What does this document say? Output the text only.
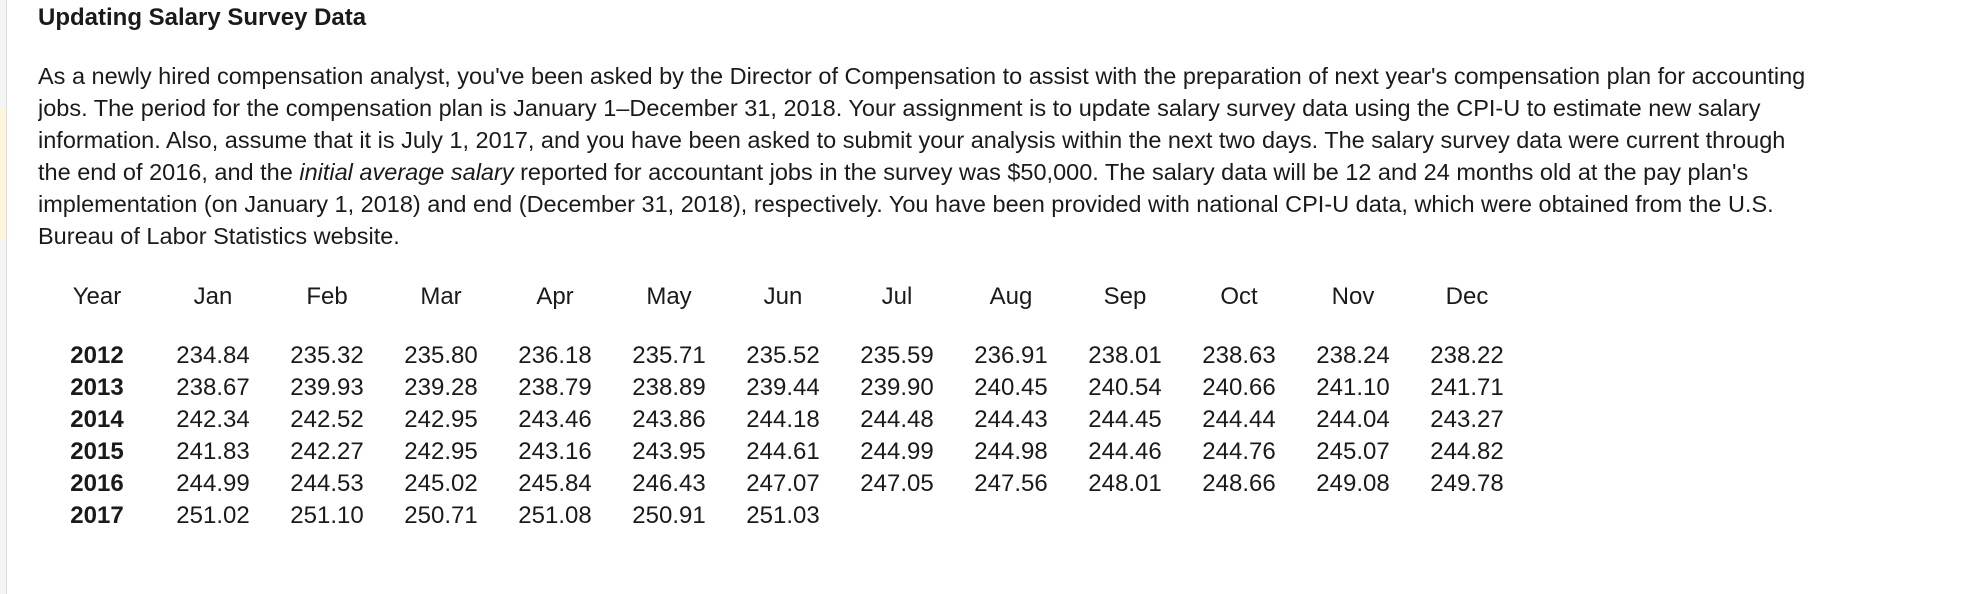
Updating Salary Survey Data
As a newly hired compensation analyst, you've been asked by the Director of Compensation to assist with the preparation of next year's compensation plan for accounting
jobs. The period for the compensation plan is January 1–December 31, 2018. Your assignment is to update salary survey data using the CPI-U to estimate new salary
information. Also, assume that it is July 1, 2017, and you have been asked to submit your analysis within the next two days. The salary survey data were current through
the end of 2016, and the initial average salary reported for accountant jobs in the survey was $50,000. The salary data will be 12 and 24 months old at the pay plan's
implementation (on January 1, 2018) and end (December 31, 2018), respectively. You have been provided with national CPI-U data, which were obtained from the U.S.
Bureau of Labor Statistics website.
Year	Jan	Feb	Mar	Apr	May	Jun	Jul	Aug	Sep	Oct	Nov	Dec

2012	234.84	235.32	235.80	236.18	235.71	235.52	235.59	236.91	238.01	238.63	238.24	238.22
2013	238.67	239.93	239.28	238.79	238.89	239.44	239.90	240.45	240.54	240.66	241.10	241.71
2014	242.34	242.52	242.95	243.46	243.86	244.18	244.48	244.43	244.45	244.44	244.04	243.27
2015	241.83	242.27	242.95	243.16	243.95	244.61	244.99	244.98	244.46	244.76	245.07	244.82
2016	244.99	244.53	245.02	245.84	246.43	247.07	247.05	247.56	248.01	248.66	249.08	249.78
2017	251.02	251.10	250.71	251.08	250.91	251.03						
